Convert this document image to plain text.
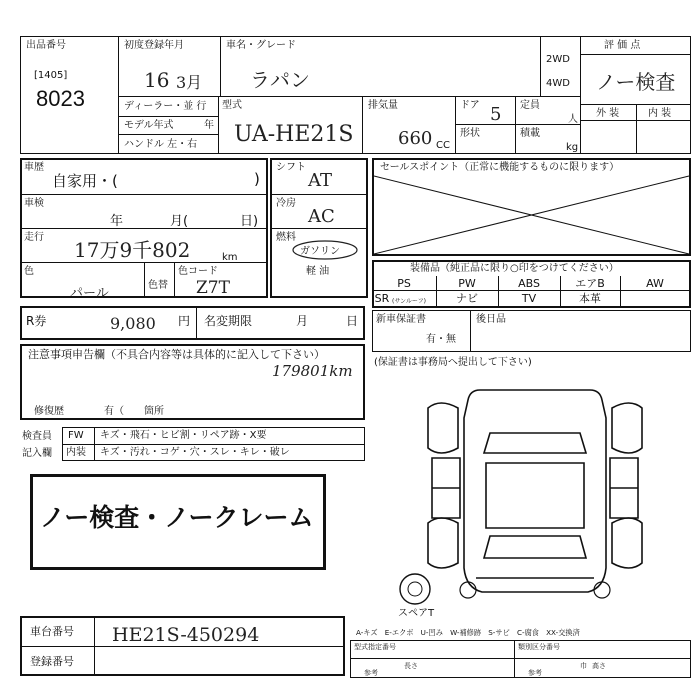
出品番号
[1405]
8023
初度登録年月
16 3月
車名・グレード
ラパン
2WD
4WD
評 価 点
ノー検査
外 装	内 装
ディーラー・並 行
モデル年式	年
ハンドル 左・右
型式
UA-HE21S
排気量
660 CC
ドア 5
形状
定員
人
積載
kg
車歴
自家用・(	)
車検
年	月(	日)
走行
17万9千802	km
色
パール
色替
色コード
Z7T
シフト
AT
冷房
AC
燃料
ガソリン
軽 油
セールスポイント（正常に機能するものに限ります）
装備品（純正品に限り○印をつけてください）
PS	PW	ABS	エアB	AW
SR (サンルーフ)	ナビ	TV	本革
R券	9,080 円 名変期限	月	日 新車保証書
有・無
後日品
(保証書は事務局へ提出して下さい)
注意事項申告欄（不具合内容等は具体的に記入して下さい）
179801km
修復歴	有（　　箇所
検査員
記入欄
FW キズ・飛石・ヒビ割・リペア跡・X要
内装 キズ・汚れ・コゲ・穴・スレ・キレ・破レ
ノー検査・ノークレーム
スペアT
車台番号 HE21S-450294
登録番号
A-キズ　E-エクボ　U-凹み　W-補修跡　S-サビ　C-腐食　XX-交換済
型式指定番号
参考
類別区分番号
参考
長さ	巾 高さ
